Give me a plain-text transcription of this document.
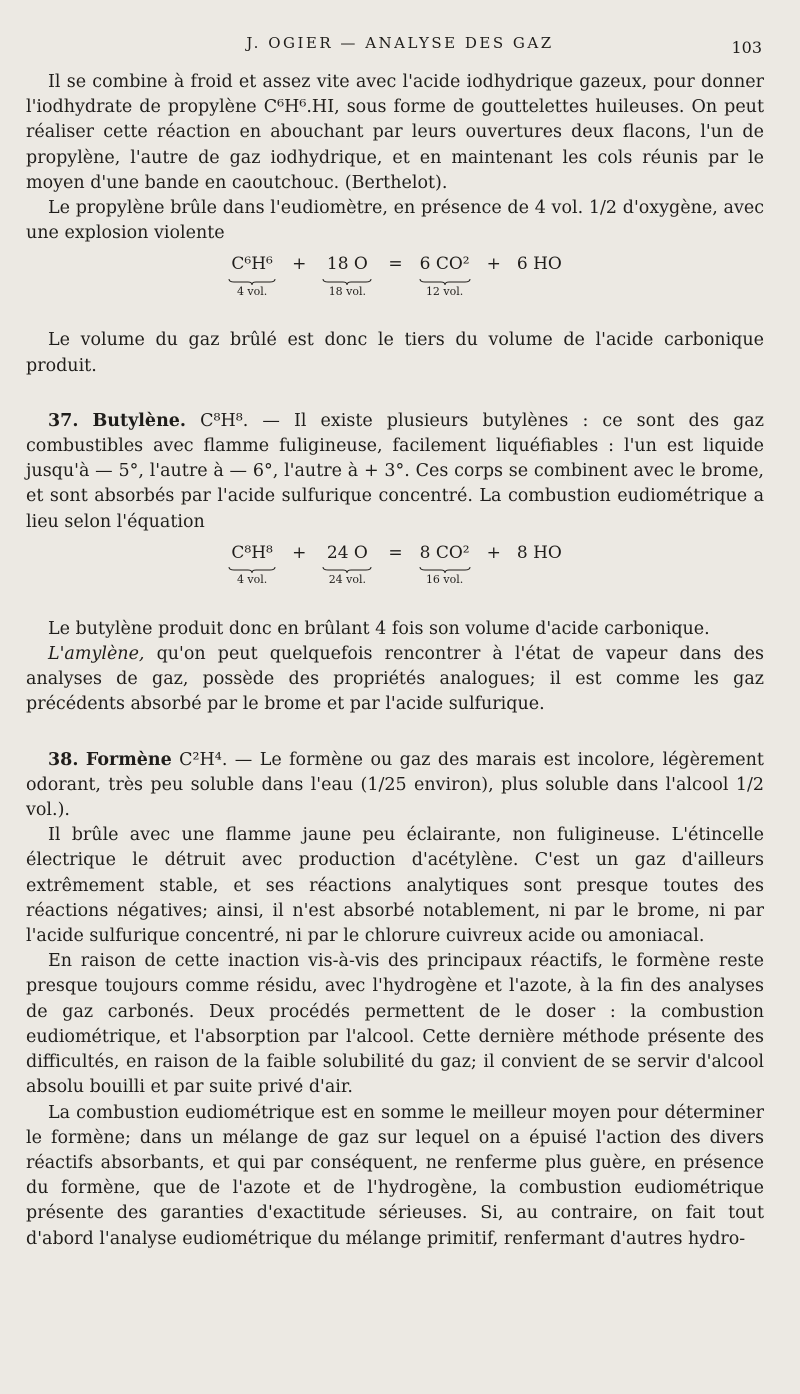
J. OGIER — ANALYSE DES GAZ	103

Il se combine à froid et assez vite avec l'acide iodhydrique gazeux, pour donner l'iodhydrate de propylène C⁶H⁶.HI, sous forme de gouttelettes huileuses. On peut réaliser cette réaction en abouchant par leurs ouvertures deux flacons, l'un de propylène, l'autre de gaz iodhydrique, et en maintenant les cols réunis par le moyen d'une bande en caoutchouc. (Berthelot).

Le propylène brûle dans l'eudiomètre, en présence de 4 vol. 1/2 d'oxygène, avec une explosion violente

C⁶H⁶
4 vol.
+ 18 O
18 vol.
= 6 CO²
12 vol.
+ 6 HO

Le volume du gaz brûlé est donc le tiers du volume de l'acide carbonique produit.

37. Butylène. C⁸H⁸. — Il existe plusieurs butylènes : ce sont des gaz combustibles avec flamme fuligineuse, facilement liquéfiables : l'un est liquide jusqu'à — 5°, l'autre à — 6°, l'autre à + 3°. Ces corps se combinent avec le brome, et sont absorbés par l'acide sulfurique concentré. La combustion eudiométrique a lieu selon l'équation

C⁸H⁸
4 vol.
+ 24 O
24 vol.
= 8 CO²
16 vol.
+ 8 HO

Le butylène produit donc en brûlant 4 fois son volume d'acide carbonique.

L'amylène, qu'on peut quelquefois rencontrer à l'état de vapeur dans des analyses de gaz, possède des propriétés analogues; il est comme les gaz précédents absorbé par le brome et par l'acide sulfurique.

38. Formène C²H⁴. — Le formène ou gaz des marais est incolore, légèrement odorant, très peu soluble dans l'eau (1/25 environ), plus soluble dans l'alcool 1/2 vol.).

Il brûle avec une flamme jaune peu éclairante, non fuligineuse. L'étincelle électrique le détruit avec production d'acétylène. C'est un gaz d'ailleurs extrêmement stable, et ses réactions analytiques sont presque toutes des réactions négatives; ainsi, il n'est absorbé notablement, ni par le brome, ni par l'acide sulfurique concentré, ni par le chlorure cuivreux acide ou amoniacal.

En raison de cette inaction vis-à-vis des principaux réactifs, le formène reste presque toujours comme résidu, avec l'hydrogène et l'azote, à la fin des analyses de gaz carbonés. Deux procédés permettent de le doser : la combustion eudiométrique, et l'absorption par l'alcool. Cette dernière méthode présente des difficultés, en raison de la faible solubilité du gaz; il convient de se servir d'alcool absolu bouilli et par suite privé d'air.

La combustion eudiométrique est en somme le meilleur moyen pour déterminer le formène; dans un mélange de gaz sur lequel on a épuisé l'action des divers réactifs absorbants, et qui par conséquent, ne renferme plus guère, en présence du formène, que de l'azote et de l'hydrogène, la combustion eudiométrique présente des garanties d'exactitude sérieuses. Si, au contraire, on fait tout d'abord l'analyse eudiométrique du mélange primitif, renfermant d'autres hydro-
